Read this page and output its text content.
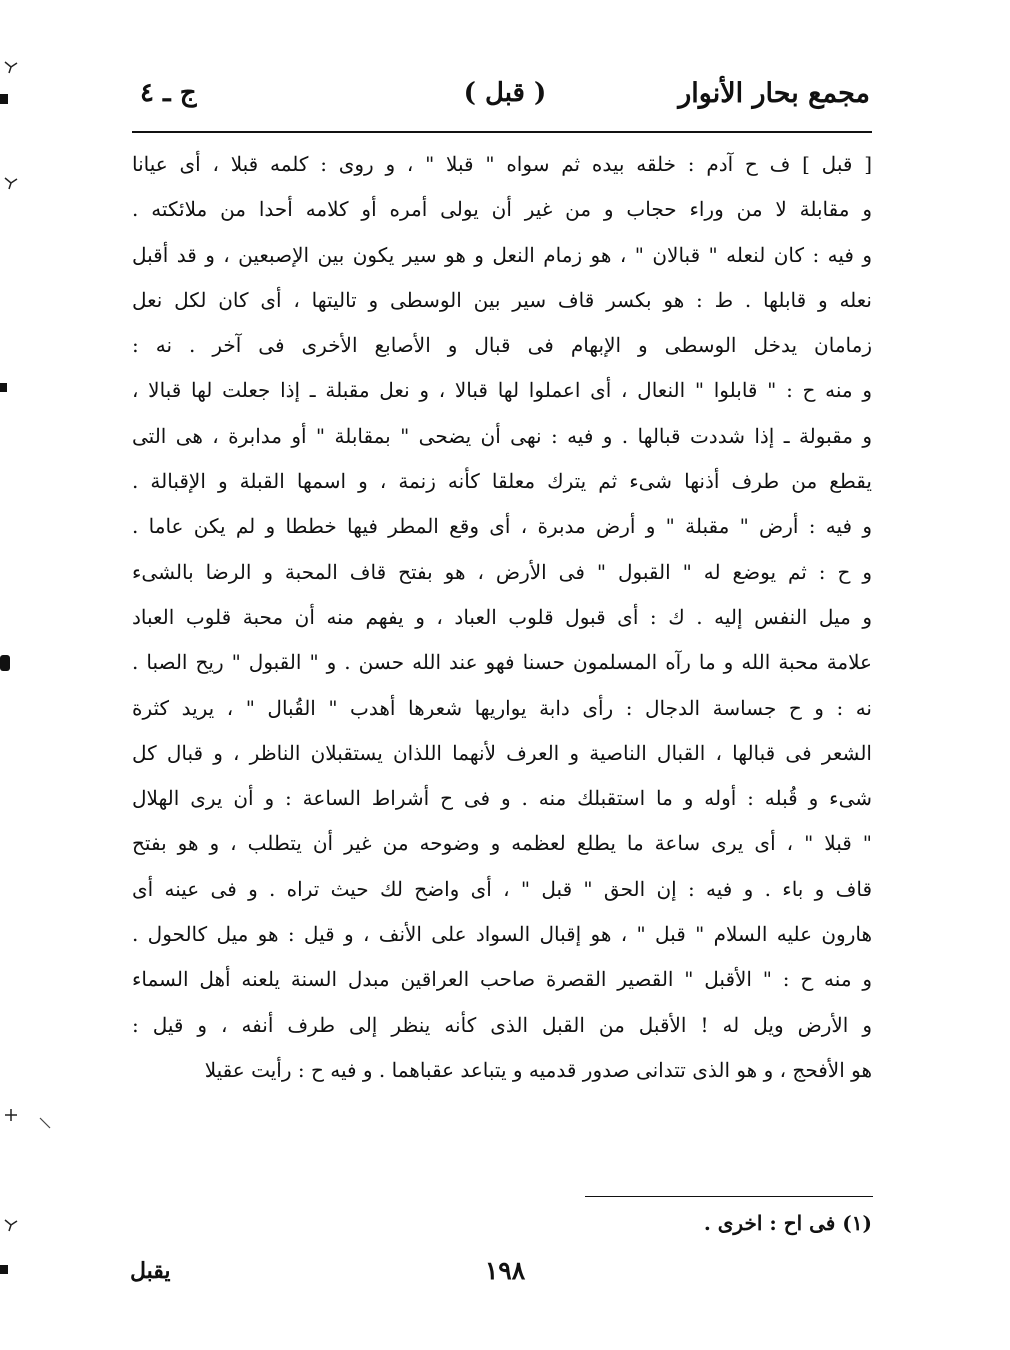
مجمع بحار الأنوار
( قبل )
ج ـ ٤
[ قبل ] ف ح آدم : خلقه بيده ثم سواه " قبلا " ، و روى : كلمه قبلا ، أى عيانا
و مقابلة لا من وراء حجاب و من غير أن يولى أمره أو كلامه أحدا من ملائكته .
و فيه : كان لنعله " قبالان " ، هو زمام النعل و هو سير يكون بين الإصبعين ، و قد أقبل
نعله و قابلها . ط : هو بكسر قاف سير بين الوسطى و تاليتها ، أى كان لكل نعل
زمامان يدخل الوسطى و الإبهام فى قبال و الأصابع الأخرى فى آخر . نه :
و منه ح : " قابلوا " النعال ، أى اعملوا لها قبالا ، و نعل مقبلة ـ إذا جعلت لها قبالا ،
و مقبولة ـ إذا شددت قبالها . و فيه : نهى أن يضحى " بمقابلة " أو مدابرة ، هى التى
يقطع من طرف أذنها شىء ثم يترك معلقا كأنه زنمة ، و اسمها القبلة و الإقبالة .
و فيه : أرض " مقبلة " و أرض مدبرة ، أى وقع المطر فيها خططا و لم يكن عاما .
و ح : ثم يوضع له " القبول " فى الأرض ، هو بفتح قاف المحبة و الرضا بالشىء
و ميل النفس إليه . ك : أى قبول قلوب العباد ، و يفهم منه أن محبة قلوب العباد
علامة محبة الله و ما رآه المسلمون حسنا فهو عند الله حسن . و " القبول " ريح الصبا .
نه : و ح جساسة الدجال : رأى دابة يواريها شعرها أهدب " القُبال " ، يريد كثرة
الشعر فى قبالها ، القبال الناصية و العرف لأنهما اللذان يستقبلان الناظر ، و قبال كل
شىء و قُبله : أوله و ما استقبلك منه . و فى ح أشراط الساعة : و أن يرى الهلال
" قبلا " ، أى يرى ساعة ما يطلع لعظمه و وضوحه من غير أن يتطلب ، و هو بفتح
قاف و باء . و فيه : إن الحق " قبل " ، أى واضح لك حيث تراه . و فى عينه أى
هارون عليه السلام " قبل " ، هو إقبال السواد على الأنف ، و قيل : هو ميل كالحول .
و منه ح : " الأقبل " القصير القصرة صاحب العراقين مبدل السنة يلعنه أهل السماء
و الأرض ويل له ! الأقبل من القبل الذى كأنه ينظر إلى طرف أنفه ، و قيل :
هو الأفحج ، و هو الذى تتدانى صدور قدميه و يتباعد عقباهما . و فيه ح : رأيت عقيلا
(١) فى اح : اخرى .
١٩٨
يقبل
